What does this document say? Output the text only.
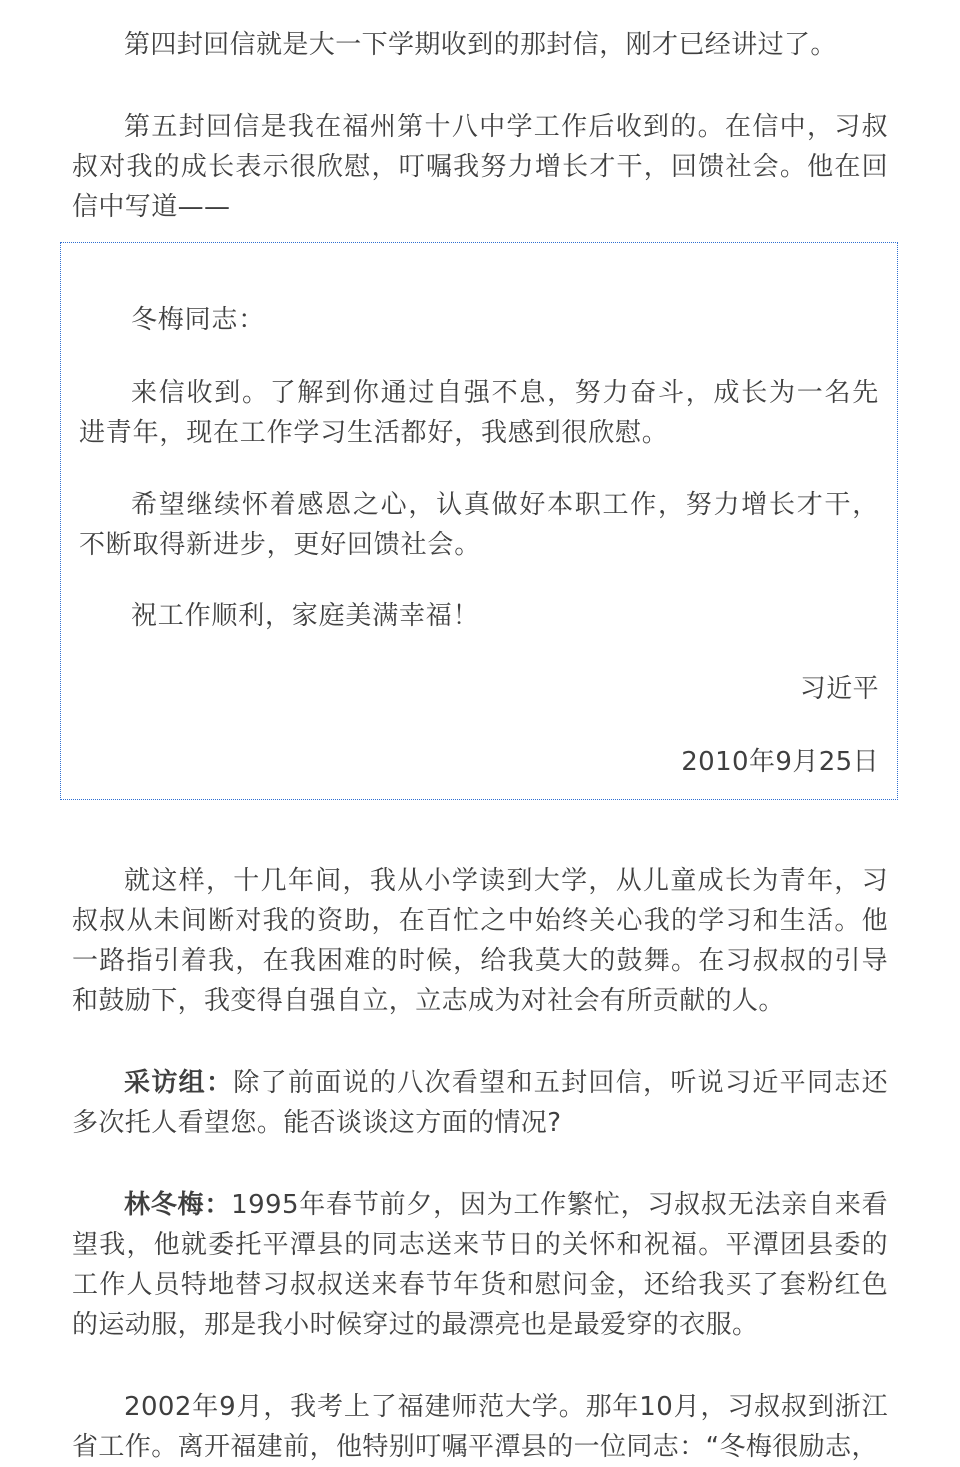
第四封回信就是大一下学期收到的那封信，刚才已经讲过了。

第五封回信是我在福州第十八中学工作后收到的。在信中，习叔叔对我的成长表示很欣慰，叮嘱我努力增长才干，回馈社会。他在回信中写道——

冬梅同志：

来信收到。了解到你通过自强不息，努力奋斗，成长为一名先进青年，现在工作学习生活都好，我感到很欣慰。

希望继续怀着感恩之心，认真做好本职工作，努力增长才干，不断取得新进步，更好回馈社会。

祝工作顺利，家庭美满幸福！

习近平

2010年9月25日

就这样，十几年间，我从小学读到大学，从儿童成长为青年，习叔叔从未间断对我的资助，在百忙之中始终关心我的学习和生活。他一路指引着我，在我困难的时候，给我莫大的鼓舞。在习叔叔的引导和鼓励下，我变得自强自立，立志成为对社会有所贡献的人。

采访组：除了前面说的八次看望和五封回信，听说习近平同志还多次托人看望您。能否谈谈这方面的情况?

林冬梅：1995年春节前夕，因为工作繁忙，习叔叔无法亲自来看望我，他就委托平潭县的同志送来节日的关怀和祝福。平潭团县委的工作人员特地替习叔叔送来春节年货和慰问金，还给我买了套粉红色的运动服，那是我小时候穿过的最漂亮也是最爱穿的衣服。

2002年9月，我考上了福建师范大学。那年10月，习叔叔到浙江省工作。离开福建前，他特别叮嘱平潭县的一位同志：“冬梅很励志，
